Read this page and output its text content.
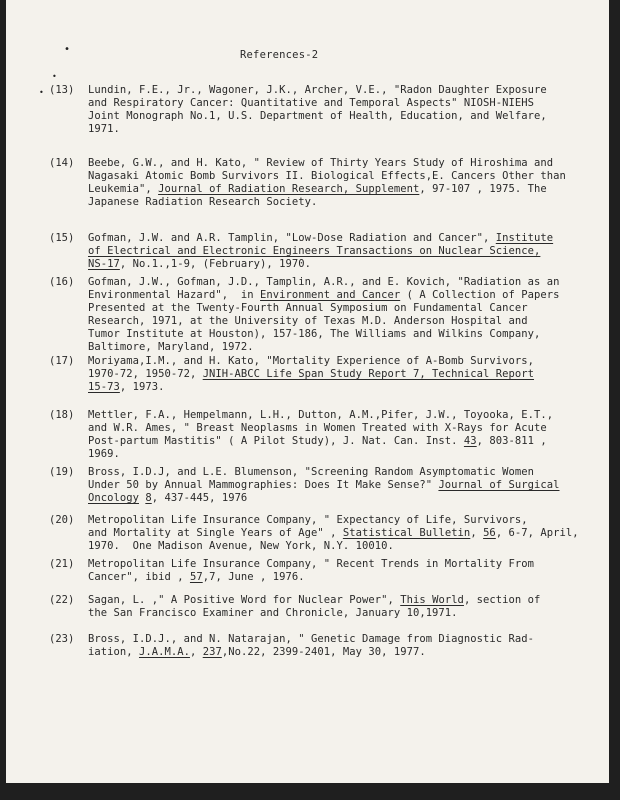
•
•
•
References-2
(13) Lundin, F.E., Jr., Wagoner, J.K., Archer, V.E., "Radon Daughter Exposure
and Respiratory Cancer: Quantitative and Temporal Aspects" NIOSH-NIEHS
Joint Monograph No.1, U.S. Department of Health, Education, and Welfare,
1971.
(14) Beebe, G.W., and H. Kato, " Review of Thirty Years Study of Hiroshima and
Nagasaki Atomic Bomb Survivors II. Biological Effects,E. Cancers Other than
Leukemia", Journal of Radiation Research, Supplement, 97-107 , 1975. The
Japanese Radiation Research Society.
(15) Gofman, J.W. and A.R. Tamplin, "Low-Dose Radiation and Cancer", Institute
of Electrical and Electronic Engineers Transactions on Nuclear Science,
NS-17, No.1.,1-9, (February), 1970.
(16) Gofman, J.W., Gofman, J.D., Tamplin, A.R., and E. Kovich, "Radiation as an
Environmental Hazard",  in Environment and Cancer ( A Collection of Papers
Presented at the Twenty-Fourth Annual Symposium on Fundamental Cancer
Research, 1971, at the University of Texas M.D. Anderson Hospital and
Tumor Institute at Houston), 157-186, The Williams and Wilkins Company,
Baltimore, Maryland, 1972.
(17) Moriyama,I.M., and H. Kato, "Mortality Experience of A-Bomb Survivors,
1970-72, 1950-72, JNIH-ABCC Life Span Study Report 7, Technical Report
15-73, 1973.
(18) Mettler, F.A., Hempelmann, L.H., Dutton, A.M.,Pifer, J.W., Toyooka, E.T.,
and W.R. Ames, " Breast Neoplasms in Women Treated with X-Rays for Acute
Post-partum Mastitis" ( A Pilot Study), J. Nat. Can. Inst. 43, 803-811 ,
1969.
(19) Bross, I.D.J, and L.E. Blumenson, "Screening Random Asymptomatic Women
Under 50 by Annual Mammographies: Does It Make Sense?" Journal of Surgical
Oncology 8, 437-445, 1976
(20) Metropolitan Life Insurance Company, " Expectancy of Life, Survivors,
and Mortality at Single Years of Age" , Statistical Bulletin, 56, 6-7, April,
1970.  One Madison Avenue, New York, N.Y. 10010.
(21) Metropolitan Life Insurance Company, " Recent Trends in Mortality From
Cancer", ibid , 57,7, June , 1976.
(22) Sagan, L. ," A Positive Word for Nuclear Power", This World, section of
the San Francisco Examiner and Chronicle, January 10,1971.
(23) Bross, I.D.J., and N. Natarajan, " Genetic Damage from Diagnostic Rad-
iation, J.A.M.A., 237,No.22, 2399-2401, May 30, 1977.
